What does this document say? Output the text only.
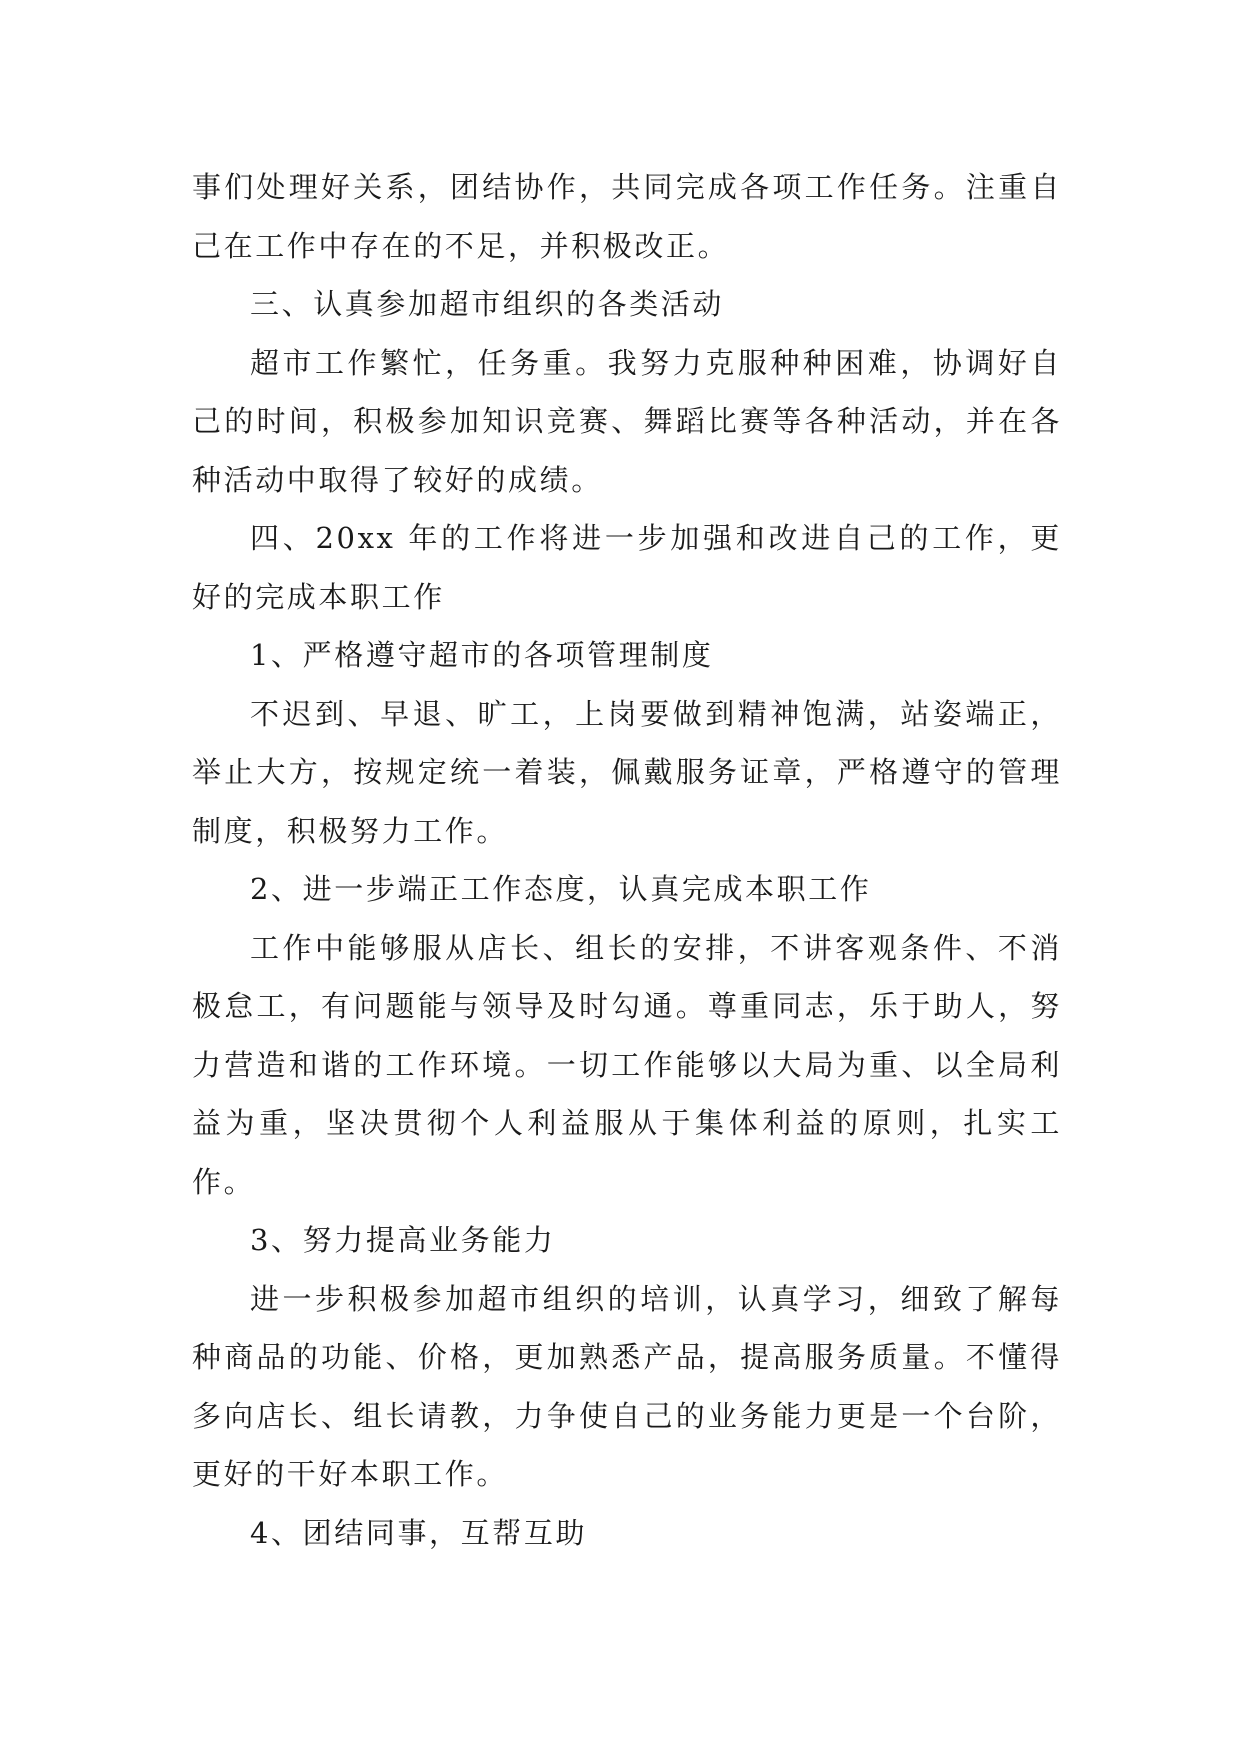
事们处理好关系，团结协作，共同完成各项工作任务。注重自己在工作中存在的不足，并积极改正。

三、认真参加超市组织的各类活动

超市工作繁忙，任务重。我努力克服种种困难，协调好自己的时间，积极参加知识竞赛、舞蹈比赛等各种活动，并在各种活动中取得了较好的成绩。

四、20xx 年的工作将进一步加强和改进自己的工作，更好的完成本职工作

1、严格遵守超市的各项管理制度

不迟到、早退、旷工，上岗要做到精神饱满，站姿端正，举止大方，按规定统一着装，佩戴服务证章，严格遵守的管理制度，积极努力工作。

2、进一步端正工作态度，认真完成本职工作

工作中能够服从店长、组长的安排，不讲客观条件、不消极怠工，有问题能与领导及时勾通。尊重同志，乐于助人，努力营造和谐的工作环境。一切工作能够以大局为重、以全局利益为重，坚决贯彻个人利益服从于集体利益的原则，扎实工作。

3、努力提高业务能力

进一步积极参加超市组织的培训，认真学习，细致了解每种商品的功能、价格，更加熟悉产品，提高服务质量。不懂得多向店长、组长请教，力争使自己的业务能力更是一个台阶，更好的干好本职工作。

4、团结同事，互帮互助
